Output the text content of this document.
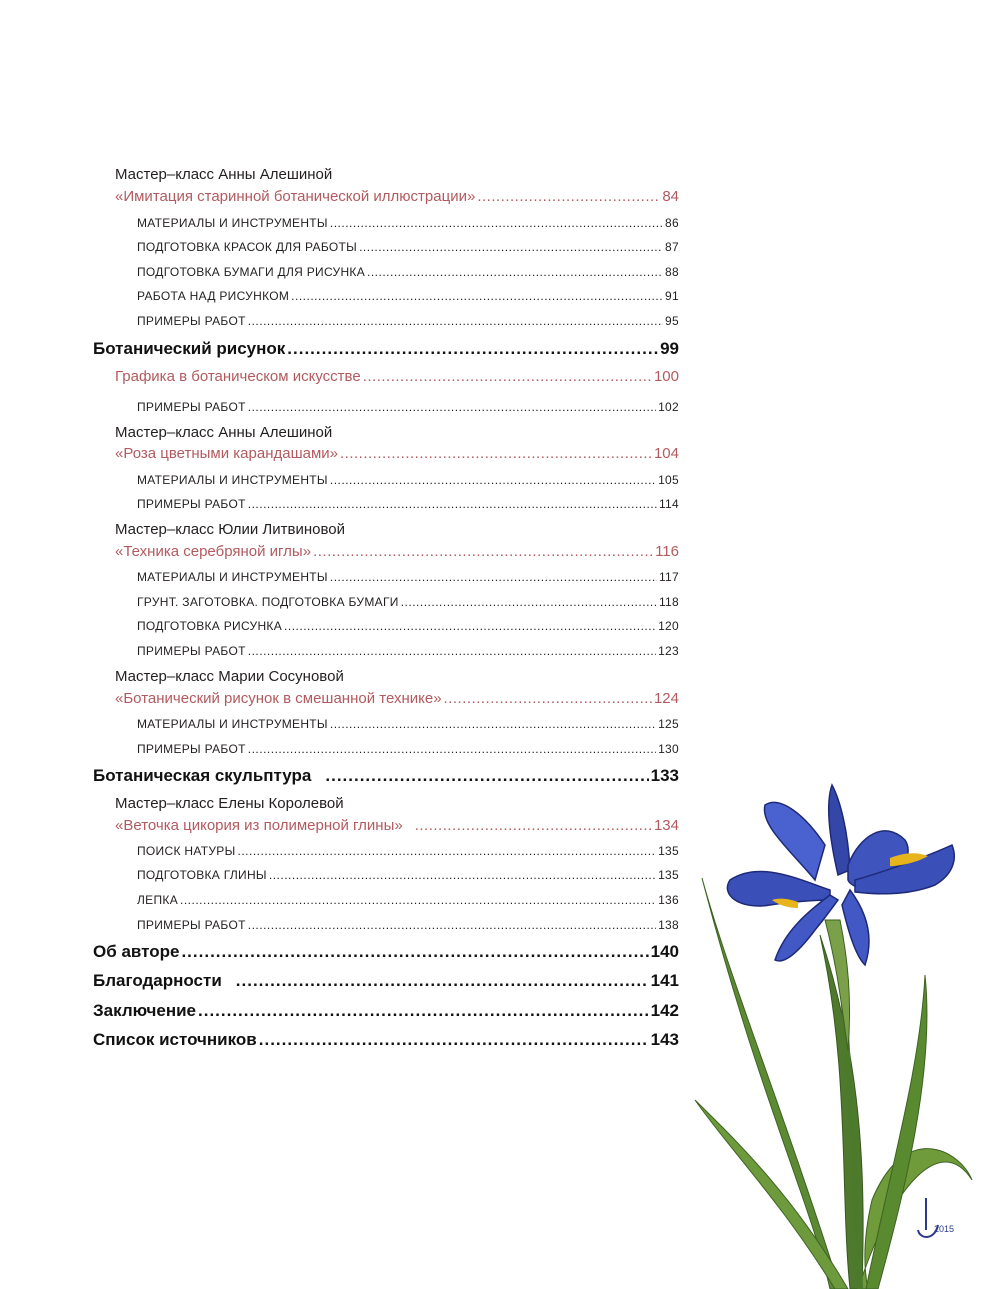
Мастер–класс Анны Алешиной
«Имитация старинной ботанической иллюстрации» .....	84
МАТЕРИАЛЫ И ИНСТРУМЕНТЫ .....	86
ПОДГОТОВКА КРАСОК ДЛЯ РАБОТЫ .....	87
ПОДГОТОВКА БУМАГИ ДЛЯ РИСУНКА .....	88
РАБОТА НАД РИСУНКОМ .....	91
ПРИМЕРЫ РАБОТ .....	95
Ботанический рисунок .....	99
Графика в ботаническом искусстве .....	100
ПРИМЕРЫ РАБОТ .....	102
Мастер–класс Анны Алешиной
«Роза цветными карандашами» .....	104
МАТЕРИАЛЫ И ИНСТРУМЕНТЫ .....	105
ПРИМЕРЫ РАБОТ .....	114
Мастер–класс Юлии Литвиновой
«Техника серебряной иглы» .....	116
МАТЕРИАЛЫ И ИНСТРУМЕНТЫ .....	117
ГРУНТ. ЗАГОТОВКА. ПОДГОТОВКА БУМАГИ .....	118
ПОДГОТОВКА РИСУНКА .....	120
ПРИМЕРЫ РАБОТ .....	123
Мастер–класс Марии Сосуновой
«Ботанический рисунок в смешанной технике» .....	124
МАТЕРИАЛЫ И ИНСТРУМЕНТЫ .....	125
ПРИМЕРЫ РАБОТ .....	130
Ботаническая скульптура .....	133
Мастер–класс Елены Королевой
«Веточка цикория из полимерной глины» .....	134
ПОИСК НАТУРЫ .....	135
ПОДГОТОВКА ГЛИНЫ .....	135
ЛЕПКА .....	136
ПРИМЕРЫ РАБОТ .....	138
Об авторе .....	140
Благодарности .....	141
Заключение .....	142
Список источников .....	143
2015
